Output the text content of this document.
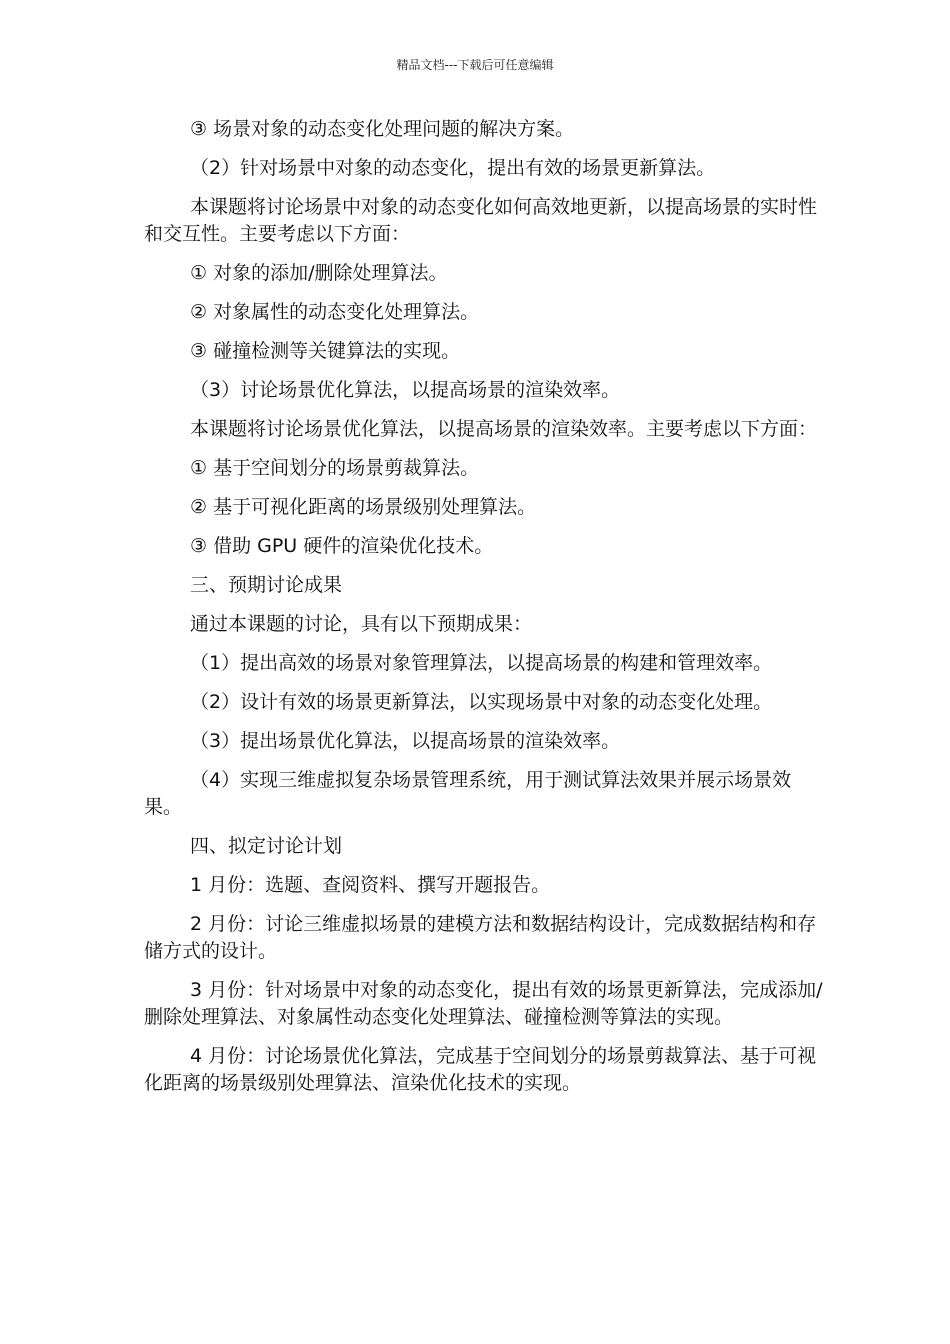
精品文档---下载后可任意编辑

③ 场景对象的动态变化处理问题的解决方案。

（2）针对场景中对象的动态变化，提出有效的场景更新算法。

本课题将讨论场景中对象的动态变化如何高效地更新，以提高场景的实时性和交互性。主要考虑以下方面：

① 对象的添加/删除处理算法。

② 对象属性的动态变化处理算法。

③ 碰撞检测等关键算法的实现。

（3）讨论场景优化算法，以提高场景的渲染效率。

本课题将讨论场景优化算法，以提高场景的渲染效率。主要考虑以下方面：

① 基于空间划分的场景剪裁算法。

② 基于可视化距离的场景级别处理算法。

③ 借助 GPU 硬件的渲染优化技术。

三、预期讨论成果

通过本课题的讨论，具有以下预期成果：

（1）提出高效的场景对象管理算法，以提高场景的构建和管理效率。

（2）设计有效的场景更新算法，以实现场景中对象的动态变化处理。

（3）提出场景优化算法，以提高场景的渲染效率。

（4）实现三维虚拟复杂场景管理系统，用于测试算法效果并展示场景效果。

四、拟定讨论计划

1 月份：选题、查阅资料、撰写开题报告。

2 月份：讨论三维虚拟场景的建模方法和数据结构设计，完成数据结构和存储方式的设计。

3 月份：针对场景中对象的动态变化，提出有效的场景更新算法，完成添加/删除处理算法、对象属性动态变化处理算法、碰撞检测等算法的实现。

4 月份：讨论场景优化算法，完成基于空间划分的场景剪裁算法、基于可视化距离的场景级别处理算法、渲染优化技术的实现。
